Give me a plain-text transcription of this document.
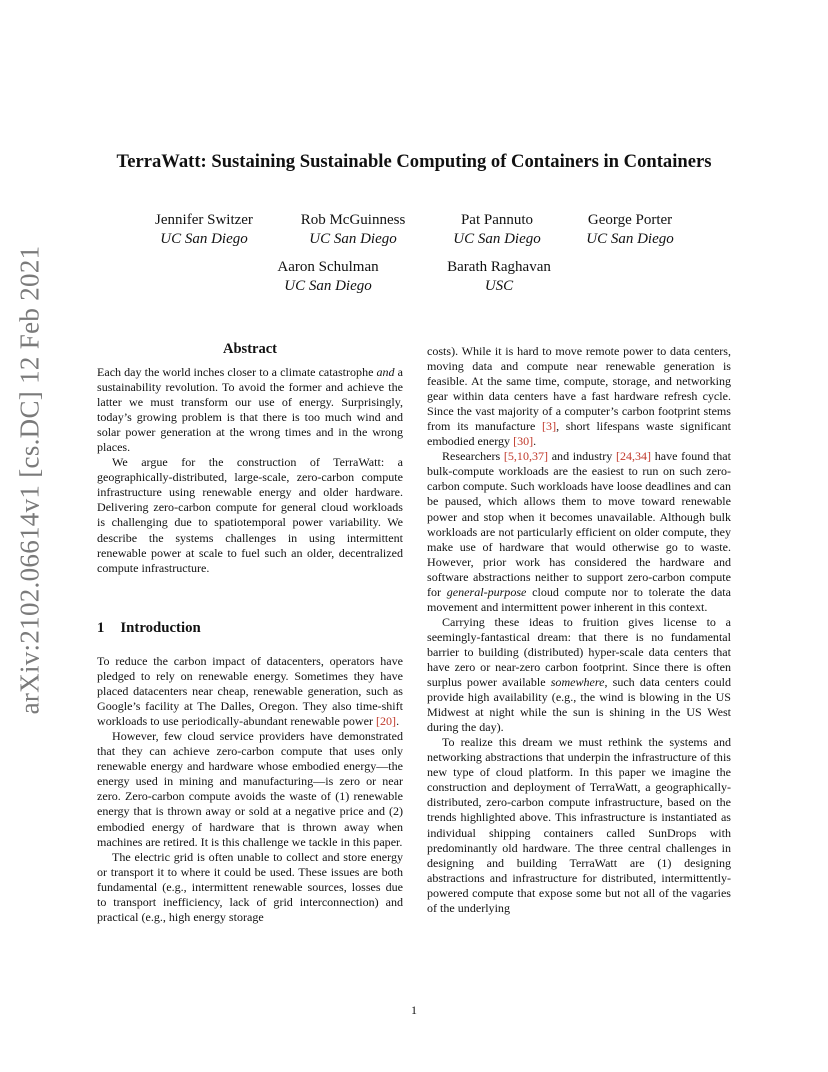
arXiv:2102.06614v1 [cs.DC] 12 Feb 2021
TerraWatt: Sustaining Sustainable Computing of Containers in Containers
Jennifer Switzer
UC San Diego
Rob McGuinness
UC San Diego
Pat Pannuto
UC San Diego
George Porter
UC San Diego
Aaron Schulman
UC San Diego
Barath Raghavan
USC
Abstract

Each day the world inches closer to a climate catastrophe and a sustainability revolution. To avoid the former and achieve the latter we must transform our use of energy. Surprisingly, today’s growing problem is that there is too much wind and solar power generation at the wrong times and in the wrong places.

We argue for the construction of TerraWatt: a geographically-distributed, large-scale, zero-carbon compute infrastructure using renewable energy and older hardware. Delivering zero-carbon compute for general cloud workloads is challenging due to spatiotemporal power variability. We describe the systems challenges in using intermittent renewable power at scale to fuel such an older, decentralized compute infrastructure.

1 Introduction

To reduce the carbon impact of datacenters, operators have pledged to rely on renewable energy. Sometimes they have placed datacenters near cheap, renewable generation, such as Google’s facility at The Dalles, Oregon. They also time-shift workloads to use periodically-abundant renewable power [20].

However, few cloud service providers have demonstrated that they can achieve zero-carbon compute that uses only renewable energy and hardware whose embodied energy—the energy used in mining and manufacturing—is zero or near zero. Zero-carbon compute avoids the waste of (1) renewable energy that is thrown away or sold at a negative price and (2) embodied energy of hardware that is thrown away when machines are retired. It is this challenge we tackle in this paper.

The electric grid is often unable to collect and store energy or transport it to where it could be used. These issues are both fundamental (e.g., intermittent renewable sources, losses due to transport inefficiency, lack of grid interconnection) and practical (e.g., high energy storage

costs). While it is hard to move remote power to data centers, moving data and compute near renewable generation is feasible. At the same time, compute, storage, and networking gear within data centers have a fast hardware refresh cycle. Since the vast majority of a computer’s carbon footprint stems from its manufacture [3], short lifespans waste significant embodied energy [30].

Researchers [5,10,37] and industry [24,34] have found that bulk-compute workloads are the easiest to run on such zero-carbon compute. Such workloads have loose deadlines and can be paused, which allows them to move toward renewable power and stop when it becomes unavailable. Although bulk workloads are not particularly efficient on older compute, they make use of hardware that would otherwise go to waste. However, prior work has considered the hardware and software abstractions neither to support zero-carbon compute for general-purpose cloud compute nor to tolerate the data movement and intermittent power inherent in this context.

Carrying these ideas to fruition gives license to a seemingly-fantastical dream: that there is no fundamental barrier to building (distributed) hyper-scale data centers that have zero or near-zero carbon footprint. Since there is often surplus power available somewhere, such data centers could provide high availability (e.g., the wind is blowing in the US Midwest at night while the sun is shining in the US West during the day).

To realize this dream we must rethink the systems and networking abstractions that underpin the infrastructure of this new type of cloud platform. In this paper we imagine the construction and deployment of TerraWatt, a geographically-distributed, zero-carbon compute infrastructure, based on the trends highlighted above. This infrastructure is instantiated as individual shipping containers called SunDrops with predominantly old hardware. The three central challenges in designing and building TerraWatt are (1) designing abstractions and infrastructure for distributed, intermittently-powered compute that expose some but not all of the vagaries of the underlying

1
